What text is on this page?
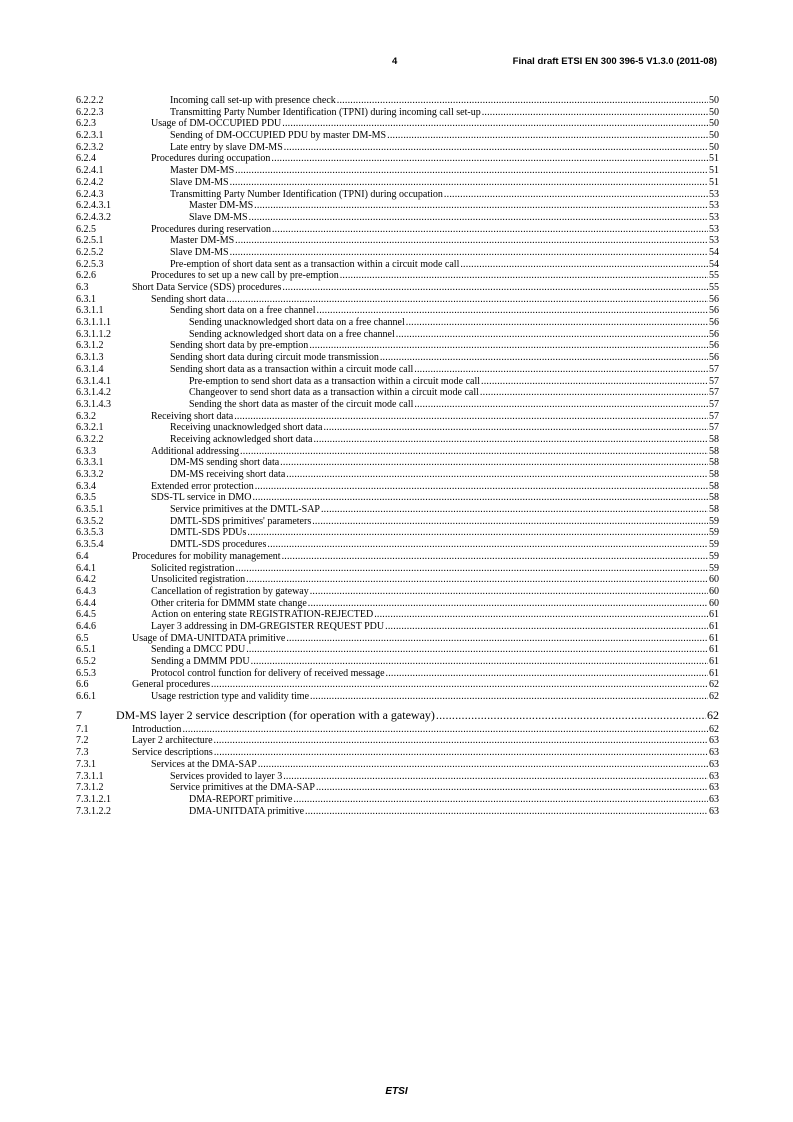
4	Final draft ETSI EN 300 396-5 V1.3.0 (2011-08)
6.2.2.2	Incoming call set-up with presence check .....	50
6.2.2.3	Transmitting Party Number Identification (TPNI) during incoming call set-up .....	50
6.2.3	Usage of DM-OCCUPIED PDU .....	50
6.2.3.1	Sending of DM-OCCUPIED PDU by master DM-MS .....	50
6.2.3.2	Late entry by slave DM-MS .....	50
6.2.4	Procedures during occupation .....	51
6.2.4.1	Master DM-MS .....	51
6.2.4.2	Slave DM-MS .....	51
6.2.4.3	Transmitting Party Number Identification (TPNI) during occupation .....	53
6.2.4.3.1	Master DM-MS .....	53
6.2.4.3.2	Slave DM-MS .....	53
6.2.5	Procedures during reservation .....	53
6.2.5.1	Master DM-MS .....	53
6.2.5.2	Slave DM-MS .....	54
6.2.5.3	Pre-emption of short data sent as a transaction within a circuit mode call .....	54
6.2.6	Procedures to set up a new call by pre-emption .....	55
6.3	Short Data Service (SDS) procedures .....	55
6.3.1	Sending short data .....	56
6.3.1.1	Sending short data on a free channel .....	56
6.3.1.1.1	Sending unacknowledged short data on a free channel .....	56
6.3.1.1.2	Sending acknowledged short data on a free channel .....	56
6.3.1.2	Sending short data by pre-emption .....	56
6.3.1.3	Sending short data during circuit mode transmission .....	56
6.3.1.4	Sending short data as a transaction within a circuit mode call .....	57
6.3.1.4.1	Pre-emption to send short data as a transaction within a circuit mode call .....	57
6.3.1.4.2	Changeover to send short data as a transaction within a circuit mode call .....	57
6.3.1.4.3	Sending the short data as master of the circuit mode call .....	57
6.3.2	Receiving short data .....	57
6.3.2.1	Receiving unacknowledged short data .....	57
6.3.2.2	Receiving acknowledged short data .....	58
6.3.3	Additional addressing .....	58
6.3.3.1	DM-MS sending short data .....	58
6.3.3.2	DM-MS receiving short data .....	58
6.3.4	Extended error protection .....	58
6.3.5	SDS-TL service in DMO .....	58
6.3.5.1	Service primitives at the DMTL-SAP .....	58
6.3.5.2	DMTL-SDS primitives' parameters .....	59
6.3.5.3	DMTL-SDS PDUs .....	59
6.3.5.4	DMTL-SDS procedures .....	59
6.4	Procedures for mobility management .....	59
6.4.1	Solicited registration .....	59
6.4.2	Unsolicited registration .....	60
6.4.3	Cancellation of registration by gateway .....	60
6.4.4	Other criteria for DMMM state change .....	60
6.4.5	Action on entering state REGISTRATION-REJECTED .....	61
6.4.6	Layer 3 addressing in DM-GREGISTER REQUEST PDU .....	61
6.5	Usage of DMA-UNITDATA primitive .....	61
6.5.1	Sending a DMCC PDU .....	61
6.5.2	Sending a DMMM PDU .....	61
6.5.3	Protocol control function for delivery of received message .....	61
6.6	General procedures .....	62
6.6.1	Usage restriction type and validity time .....	62
7	DM-MS layer 2 service description (for operation with a gateway) .....	62
7.1	Introduction .....	62
7.2	Layer 2 architecture .....	63
7.3	Service descriptions .....	63
7.3.1	Services at the DMA-SAP .....	63
7.3.1.1	Services provided to layer 3 .....	63
7.3.1.2	Service primitives at the DMA-SAP .....	63
7.3.1.2.1	DMA-REPORT primitive .....	63
7.3.1.2.2	DMA-UNITDATA primitive .....	63
ETSI
